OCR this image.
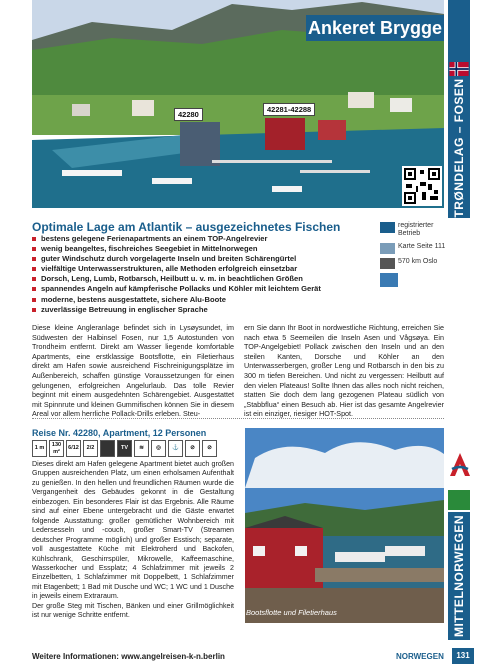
Ankeret Brygge
42280
42281-42288	TRØNDELAG – FOSEN
Optimale Lage am Atlantik – ausgezeichnetes Fischen
bestens gelegene Ferienapartments an einem TOP-Angelrevier
wenig beangeltes, fischreiches Seegebiet in Mittelnorwegen
guter Windschutz durch vorgelagerte Inseln und breiten Schärengürtel
vielfältige Unterwasserstrukturen, alle Methoden erfolgreich einsetzbar
Dorsch, Leng, Lumb, Rotbarsch, Heilbutt u. v. m. in beachtlichen Größen
spannendes Angeln auf kämpferische Pollacks und Köhler mit leichtem Gerät
moderne, bestens ausgestattete, sichere Alu-Boote
zuverlässige Betreuung in englischer Sprache
registrierter Betrieb
Karte Seite 111
570 km Oslo
Diese kleine Angleranlage befindet sich in Lysøysundet, im Südwesten der Halbinsel Fosen, nur 1,5 Autostunden von Trondheim entfernt. Direkt am Wasser liegende komfortable Apartments, eine erstklassige Bootsflotte, ein Filetierhaus direkt am Hafen sowie ausreichend Fischreinigungsplätze im Außenbereich, schaffen günstige Voraussetzungen für einen gelungenen, erfolgreichen Angelurlaub. Das tolle Revier beginnt mit einem ausgedehnten Schärengebiet. Ausgestattet mit Spinnrute und kleinen Gummifischen können Sie in diesem Areal vor allem herrliche Pollack-Drills erleben. Steu-
ern Sie dann Ihr Boot in nordwestliche Richtung, erreichen Sie nach etwa 5 Seemeilen die Inseln Asen und Vågsøya. Ein TOP-Angelgebiet! Pollack zwischen den Inseln und an den steilen Kanten, Dorsche und Köhler an den Unterwasserbergen, großer Leng und Rotbarsch in den bis zu 300 m tiefen Bereichen. Und nicht zu vergessen: Heilbutt auf den vielen Plateaus! Sollte Ihnen das alles noch nicht reichen, statten Sie doch dem lang gezogenen Plateau südlich von „Stabbflua“ einen Besuch ab. Hier ist das gesamte Angelrevier ist ein einziger, riesiger HOT-Spot.
Reise Nr. 42280, Apartment, 12 Personen
1 m
130 m²
6/12 2/2	TV	≋	◎	⚓	⊘	⊘
Dieses direkt am Hafen gelegene Apartment bietet auch großen Gruppen ausreichenden Platz, um einen erholsamen Aufenthalt zu genießen. In den hellen und freundlichen Räumen wurde die Vergangenheit des Gebäudes gekonnt in die Gestaltung einbezogen. Ein besonderes Flair ist das Ergebnis. Alle Räume sind auf einer Ebene untergebracht und die Gäste erwartet folgende Ausstattung: großer gemütlicher Wohnbereich mit Ledersesseln und -couch, großer Smart-TV (Streamen deutscher Programme möglich) und großer Esstisch; separate, voll ausgestattete Küche mit Elektroherd und Backofen, Kühlschrank, Geschirrspüler, Mikrowelle, Kaffeemaschine, Wasserkocher und Essplatz; 4 Schlafzimmer mit jeweils 2 Einzelbetten, 1 Schlafzimmer mit Doppelbett, 1 Schlafzimmer mit Etagenbett; 1 Bad mit Dusche und WC; 1 WC und 1 Dusche in jeweils einem Extraraum.
Der große Steg mit Tischen, Bänken und einer Grillmöglichkeit ist nur wenige Schritte entfernt.	Bootsflotte und Filetierhaus	MITTELNORWEGEN
Weitere Informationen: www.angelreisen-k-n.berlin	NORWEGEN	131
